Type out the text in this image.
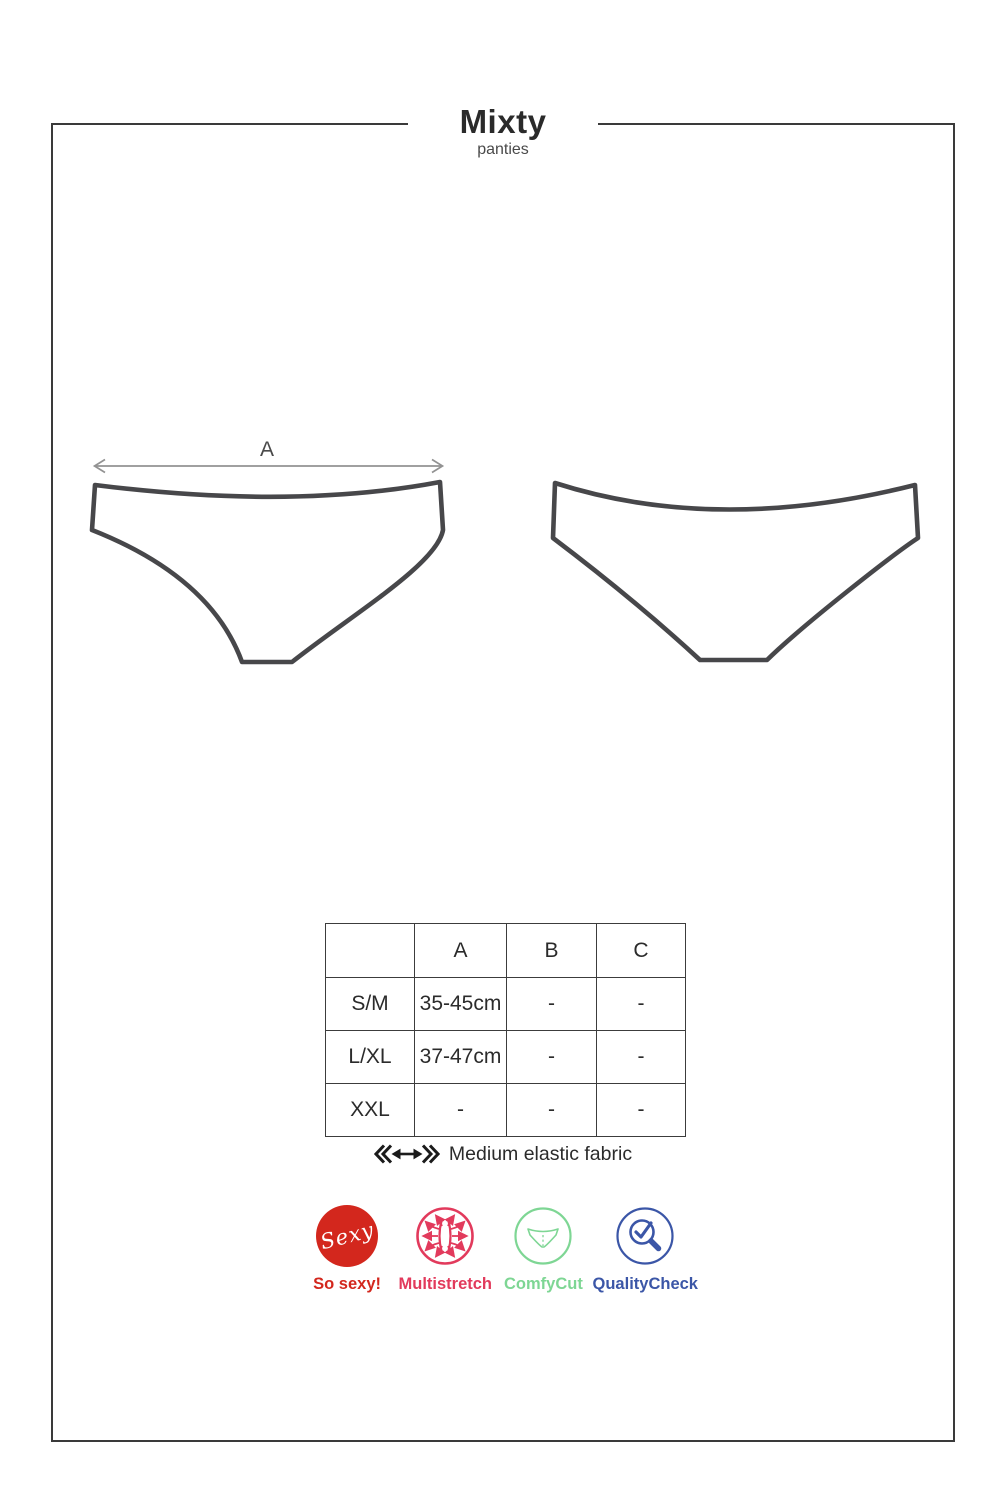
Mixty
panties
A
	A	B	C
S/M	35-45cm	-	-
L/XL	37-47cm	-	-
XXL	-	-	-
Medium elastic fabric
Sexy
So sexy! Multistretch ComfyCut QualityCheck
